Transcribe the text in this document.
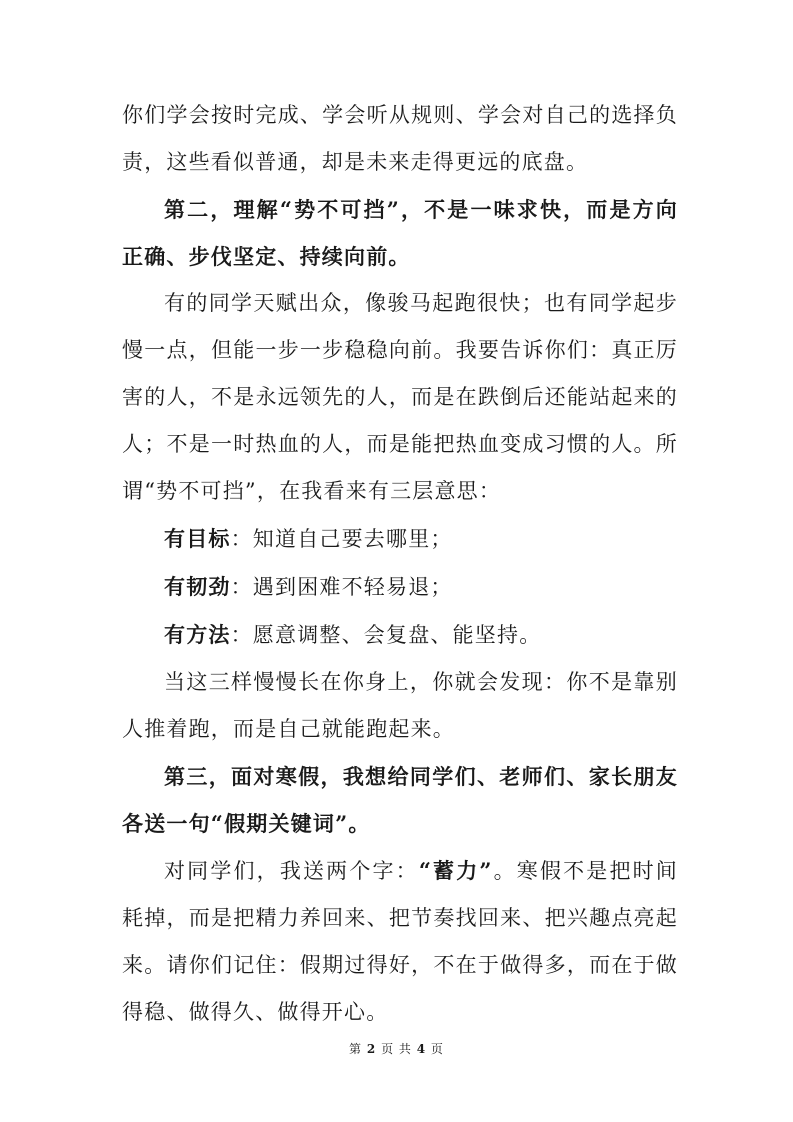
你们学会按时完成、学会听从规则、学会对自己的选择负责，这些看似普通，却是未来走得更远的底盘。

第二，理解“势不可挡”，不是一味求快，而是方向正确、步伐坚定、持续向前。

有的同学天赋出众，像骏马起跑很快；也有同学起步慢一点，但能一步一步稳稳向前。我要告诉你们：真正厉害的人，不是永远领先的人，而是在跌倒后还能站起来的人；不是一时热血的人，而是能把热血变成习惯的人。所谓“势不可挡”，在我看来有三层意思：

有目标：知道自己要去哪里；

有韧劲：遇到困难不轻易退；

有方法：愿意调整、会复盘、能坚持。

当这三样慢慢长在你身上，你就会发现：你不是靠别人推着跑，而是自己就能跑起来。

第三，面对寒假，我想给同学们、老师们、家长朋友各送一句“假期关键词”。

对同学们，我送两个字：“蓄力”。寒假不是把时间耗掉，而是把精力养回来、把节奏找回来、把兴趣点亮起来。请你们记住：假期过得好，不在于做得多，而在于做得稳、做得久、做得开心。

第 2 页 共 4 页
